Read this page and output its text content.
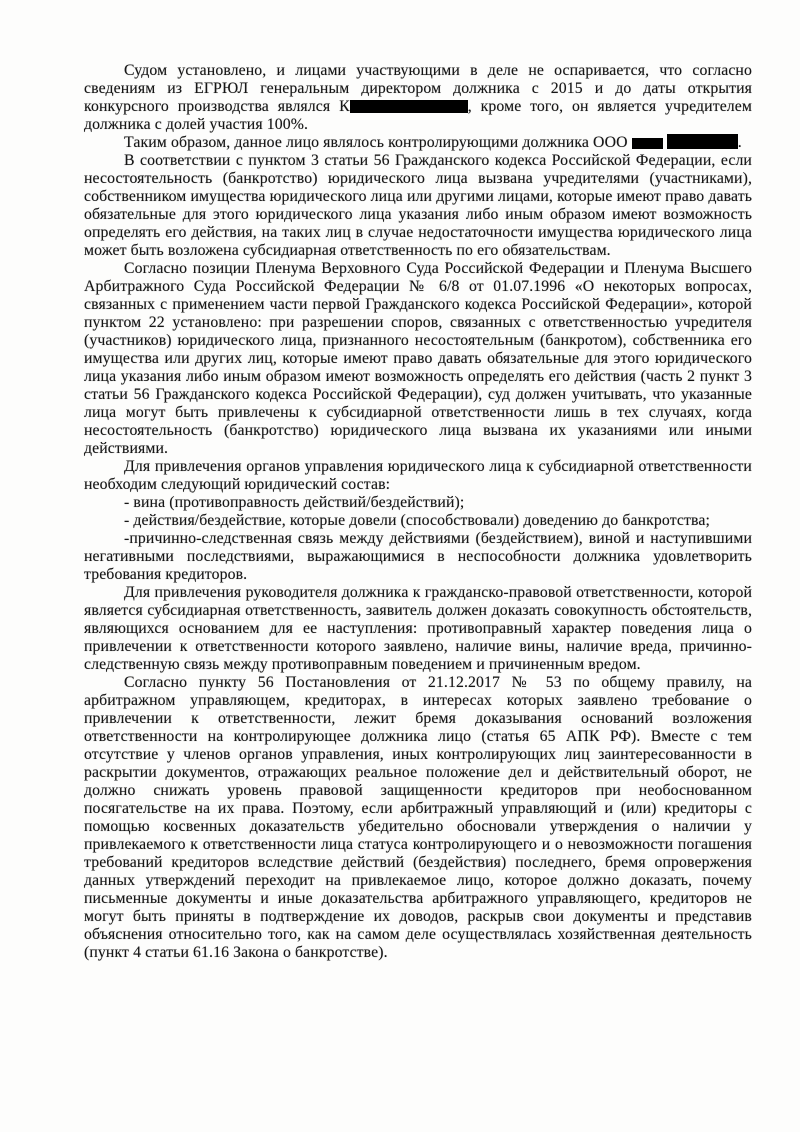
Судом установлено, и лицами участвующими в деле не оспаривается, что согласно сведениям из ЕГРЮЛ генеральным директором должника с 2015 и до даты открытия конкурсного производства являлся К	, кроме того, он является учредителем должника с долей участия 100%.

Таким образом, данное лицо являлось контролирующими должника ООО	.

В соответствии с пунктом 3 статьи 56 Гражданского кодекса Российской Федерации, если несостоятельность (банкротство) юридического лица вызвана учредителями (участниками), собственником имущества юридического лица или другими лицами, которые имеют право давать обязательные для этого юридического лица указания либо иным образом имеют возможность определять его действия, на таких лиц в случае недостаточности имущества юридического лица может быть возложена субсидиарная ответственность по его обязательствам.

Согласно позиции Пленума Верховного Суда Российской Федерации и Пленума Высшего Арбитражного Суда Российской Федерации № 6/8 от 01.07.1996 «О некоторых вопросах, связанных с применением части первой Гражданского кодекса Российской Федерации», которой пунктом 22 установлено: при разрешении споров, связанных с ответственностью учредителя (участников) юридического лица, признанного несостоятельным (банкротом), собственника его имущества или других лиц, которые имеют право давать обязательные для этого юридического лица указания либо иным образом имеют возможность определять его действия (часть 2 пункт 3 статьи 56 Гражданского кодекса Российской Федерации), суд должен учитывать, что указанные лица могут быть привлечены к субсидиарной ответственности лишь в тех случаях, когда несостоятельность (банкротство) юридического лица вызвана их указаниями или иными действиями.

Для привлечения органов управления юридического лица к субсидиарной ответственности необходим следующий юридический состав:

- вина (противоправность действий/бездействий);

- действия/бездействие, которые довели (способствовали) доведению до банкротства;

-причинно-следственная связь между действиями (бездействием), виной и наступившими негативными последствиями, выражающимися в неспособности должника удовлетворить требования кредиторов.

Для привлечения руководителя должника к гражданско-правовой ответственности, которой является субсидиарная ответственность, заявитель должен доказать совокупность обстоятельств, являющихся основанием для ее наступления: противоправный характер поведения лица о привлечении к ответственности которого заявлено, наличие вины, наличие вреда, причинно-следственную связь между противоправным поведением и причиненным вредом.

Согласно пункту 56 Постановления от 21.12.2017 № 53 по общему правилу, на арбитражном управляющем, кредиторах, в интересах которых заявлено требование о привлечении к ответственности, лежит бремя доказывания оснований возложения ответственности на контролирующее должника лицо (статья 65 АПК РФ). Вместе с тем отсутствие у членов органов управления, иных контролирующих лиц заинтересованности в раскрытии документов, отражающих реальное положение дел и действительный оборот, не должно снижать уровень правовой защищенности кредиторов при необоснованном посягательстве на их права. Поэтому, если арбитражный управляющий и (или) кредиторы с помощью косвенных доказательств убедительно обосновали утверждения о наличии у привлекаемого к ответственности лица статуса контролирующего и о невозможности погашения требований кредиторов вследствие действий (бездействия) последнего, бремя опровержения данных утверждений переходит на привлекаемое лицо, которое должно доказать, почему письменные документы и иные доказательства арбитражного управляющего, кредиторов не могут быть приняты в подтверждение их доводов, раскрыв свои документы и представив объяснения относительно того, как на самом деле осуществлялась хозяйственная деятельность (пункт 4 статьи 61.16 Закона о банкротстве).
